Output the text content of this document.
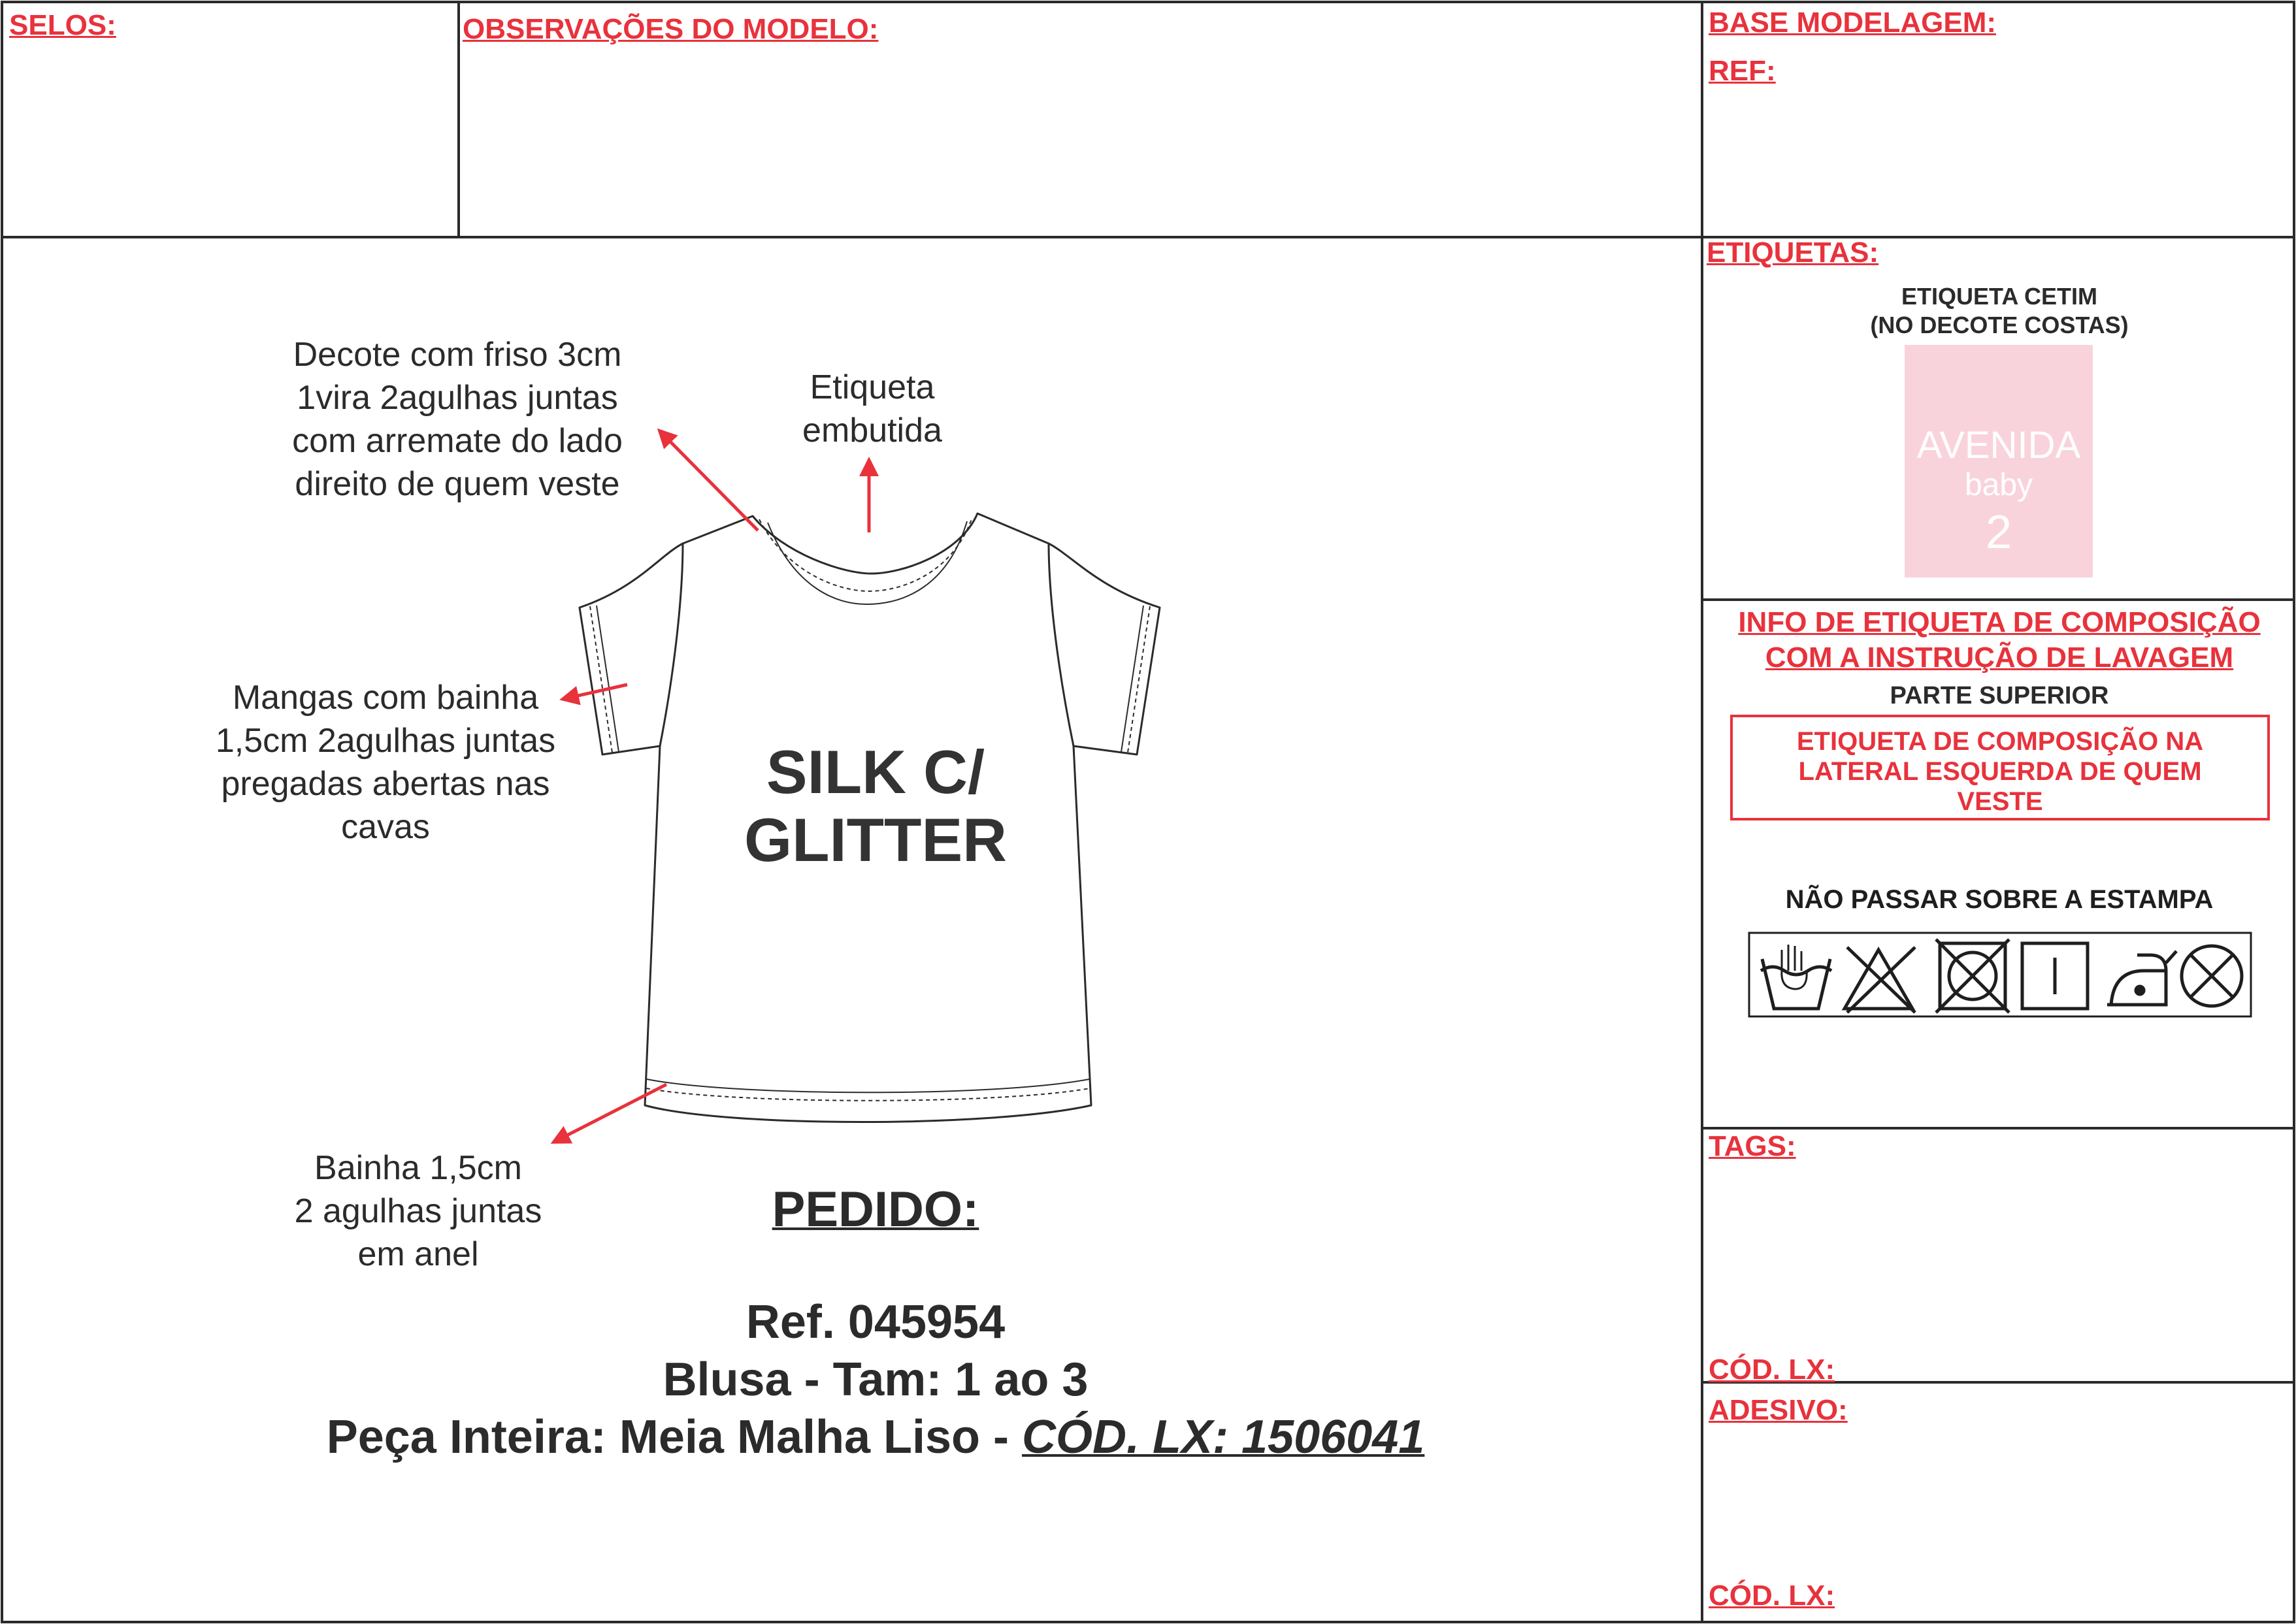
SELOS:	OBSERVAÇÕES DO MODELO:	BASE MODELAGEM:
REF:
Decote com friso 3cm
1vira 2agulhas juntas
com arremate do lado
direito de quem veste
Etiqueta
embutida
Mangas com bainha
1,5cm 2agulhas juntas
pregadas abertas nas
cavas
Bainha 1,5cm
2 agulhas juntas
em anel
SILK C/
GLITTER
PEDIDO:
Ref. 045954
Blusa - Tam: 1 ao 3
Peça Inteira: Meia Malha Liso - CÓD. LX: 1506041
ETIQUETAS:
ETIQUETA CETIM
(NO DECOTE COSTAS)
AVENIDA
baby
2
INFO DE ETIQUETA DE COMPOSIÇÃO
COM A INSTRUÇÃO DE LAVAGEM
PARTE SUPERIOR
ETIQUETA DE COMPOSIÇÃO NA
LATERAL ESQUERDA DE QUEM
VESTE
NÃO PASSAR SOBRE A ESTAMPA
TAGS:
CÓD. LX:
ADESIVO:
CÓD. LX:
